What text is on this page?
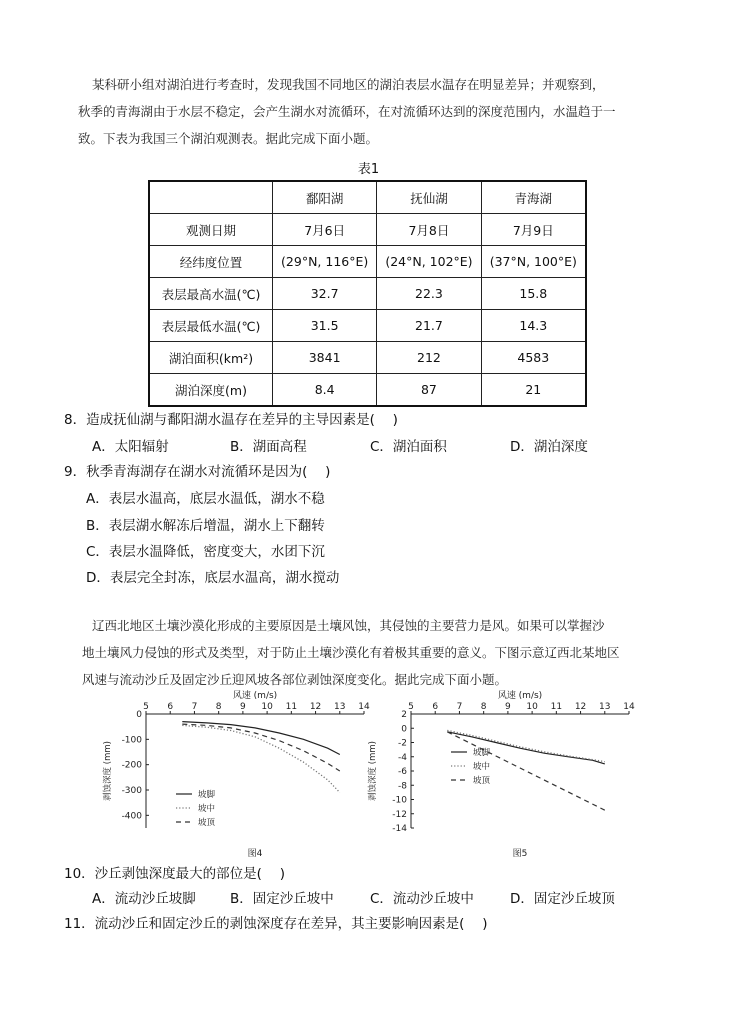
某科研小组对湖泊进行考查时，发现我国不同地区的湖泊表层水温存在明显差异；并观察到，
秋季的青海湖由于水层不稳定，会产生湖水对流循环，在对流循环达到的深度范围内，水温趋于一
致。下表为我国三个湖泊观测表。据此完成下面小题。
表1
	鄱阳湖	抚仙湖	青海湖
观测日期	7月6日	7月8日	7月9日
经纬度位置	(29°N, 116°E)	(24°N, 102°E)	(37°N, 100°E)
表层最高水温(℃)	32.7	22.3	15.8
表层最低水温(℃)	31.5	21.7	14.3
湖泊面积(km²)	3841	212	4583
湖泊深度(m)	8.4	87	21
8．造成抚仙湖与鄱阳湖水温存在差异的主导因素是(　 )
A．太阳辐射	B．湖面高程	C．湖泊面积	D．湖泊深度
9．秋季青海湖存在湖水对流循环是因为(　 )
A．表层水温高，底层水温低，湖水不稳
B．表层湖水解冻后增温，湖水上下翻转
C．表层水温降低，密度变大，水团下沉
D．表层完全封冻，底层水温高，湖水搅动
辽西北地区土壤沙漠化形成的主要原因是土壤风蚀，其侵蚀的主要营力是风。如果可以掌握沙
地土壤风力侵蚀的形式及类型，对于防止土壤沙漠化有着极其重要的意义。下图示意辽西北某地区
风速与流动沙丘及固定沙丘迎风坡各部位剥蚀深度变化。据此完成下面小题。
风速 (m/s)
5 6 7 8 9 10 11 12 13 14
0
-100
-200
-300
-400
剥蚀深度 (mm)	坡脚
坡中
坡顶
图4
风速 (m/s)
5 6 7 8 9 10 11 12 13 14
2
0
-2
-4
-6
-8
-10
-12
-14
剥蚀深度 (mm)	坡脚
坡中
坡顶
图5
10．沙丘剥蚀深度最大的部位是(　 )
A．流动沙丘坡脚	B．固定沙丘坡中	C．流动沙丘坡中	D．固定沙丘坡顶
11．流动沙丘和固定沙丘的剥蚀深度存在差异，其主要影响因素是(　 )
